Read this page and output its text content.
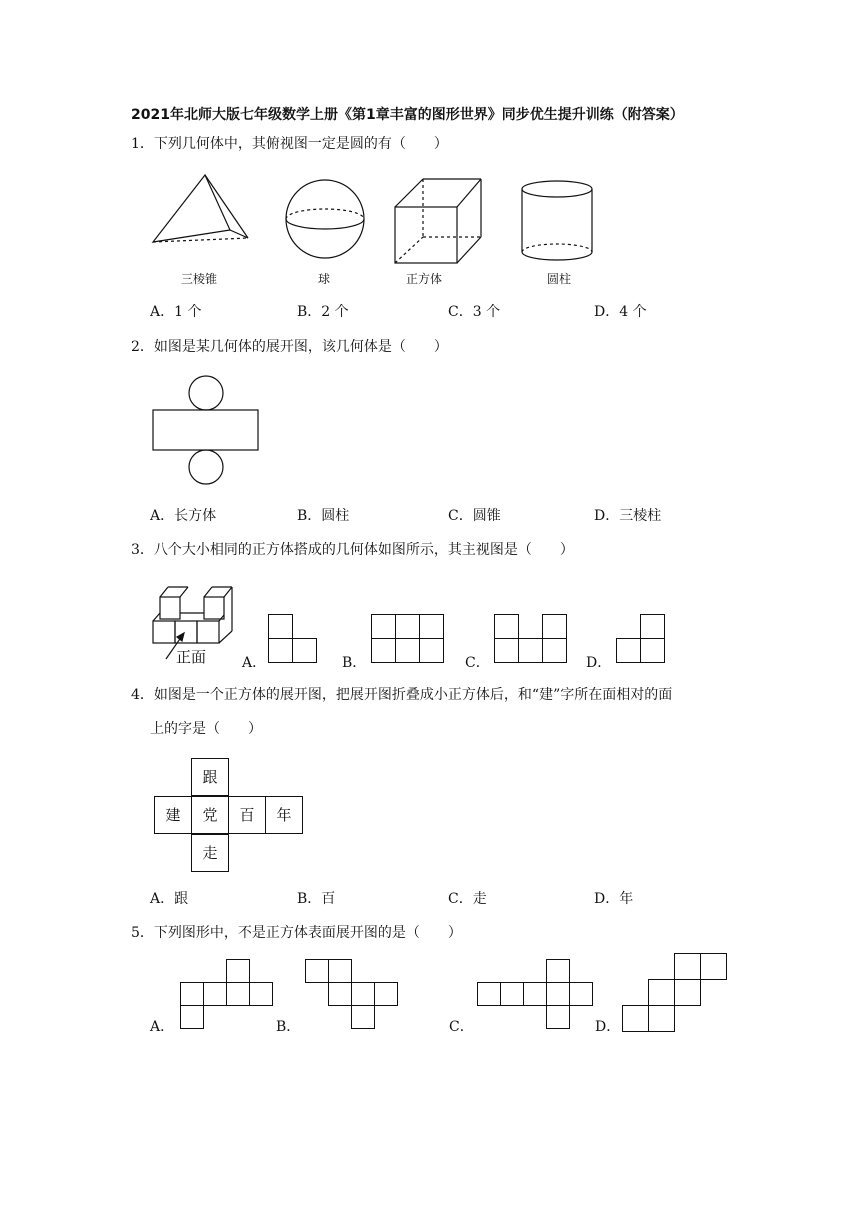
2021年北师大版七年级数学上册《第1章丰富的图形世界》同步优生提升训练（附答案）
1．下列几何体中，其俯视图一定是圆的有（　　）
三棱锥	球	正方体	圆柱
A．1 个	B．2 个	C．3 个	D．4 个
2．如图是某几何体的展开图，该几何体是（　　）
A．长方体	B．圆柱	C．圆锥	D．三棱柱
3．八个大小相同的正方体搭成的几何体如图所示，其主视图是（　　）
正面	A．	B．	C．	D．
4．如图是一个正方体的展开图，把展开图折叠成小正方体后，和“建”字所在面相对的面
上的字是（　　）
跟
建	党	百	年
走
A．跟	B．百	C．走	D．年
5．下列图形中，不是正方体表面展开图的是（　　）
A．	B．	C．	D．
